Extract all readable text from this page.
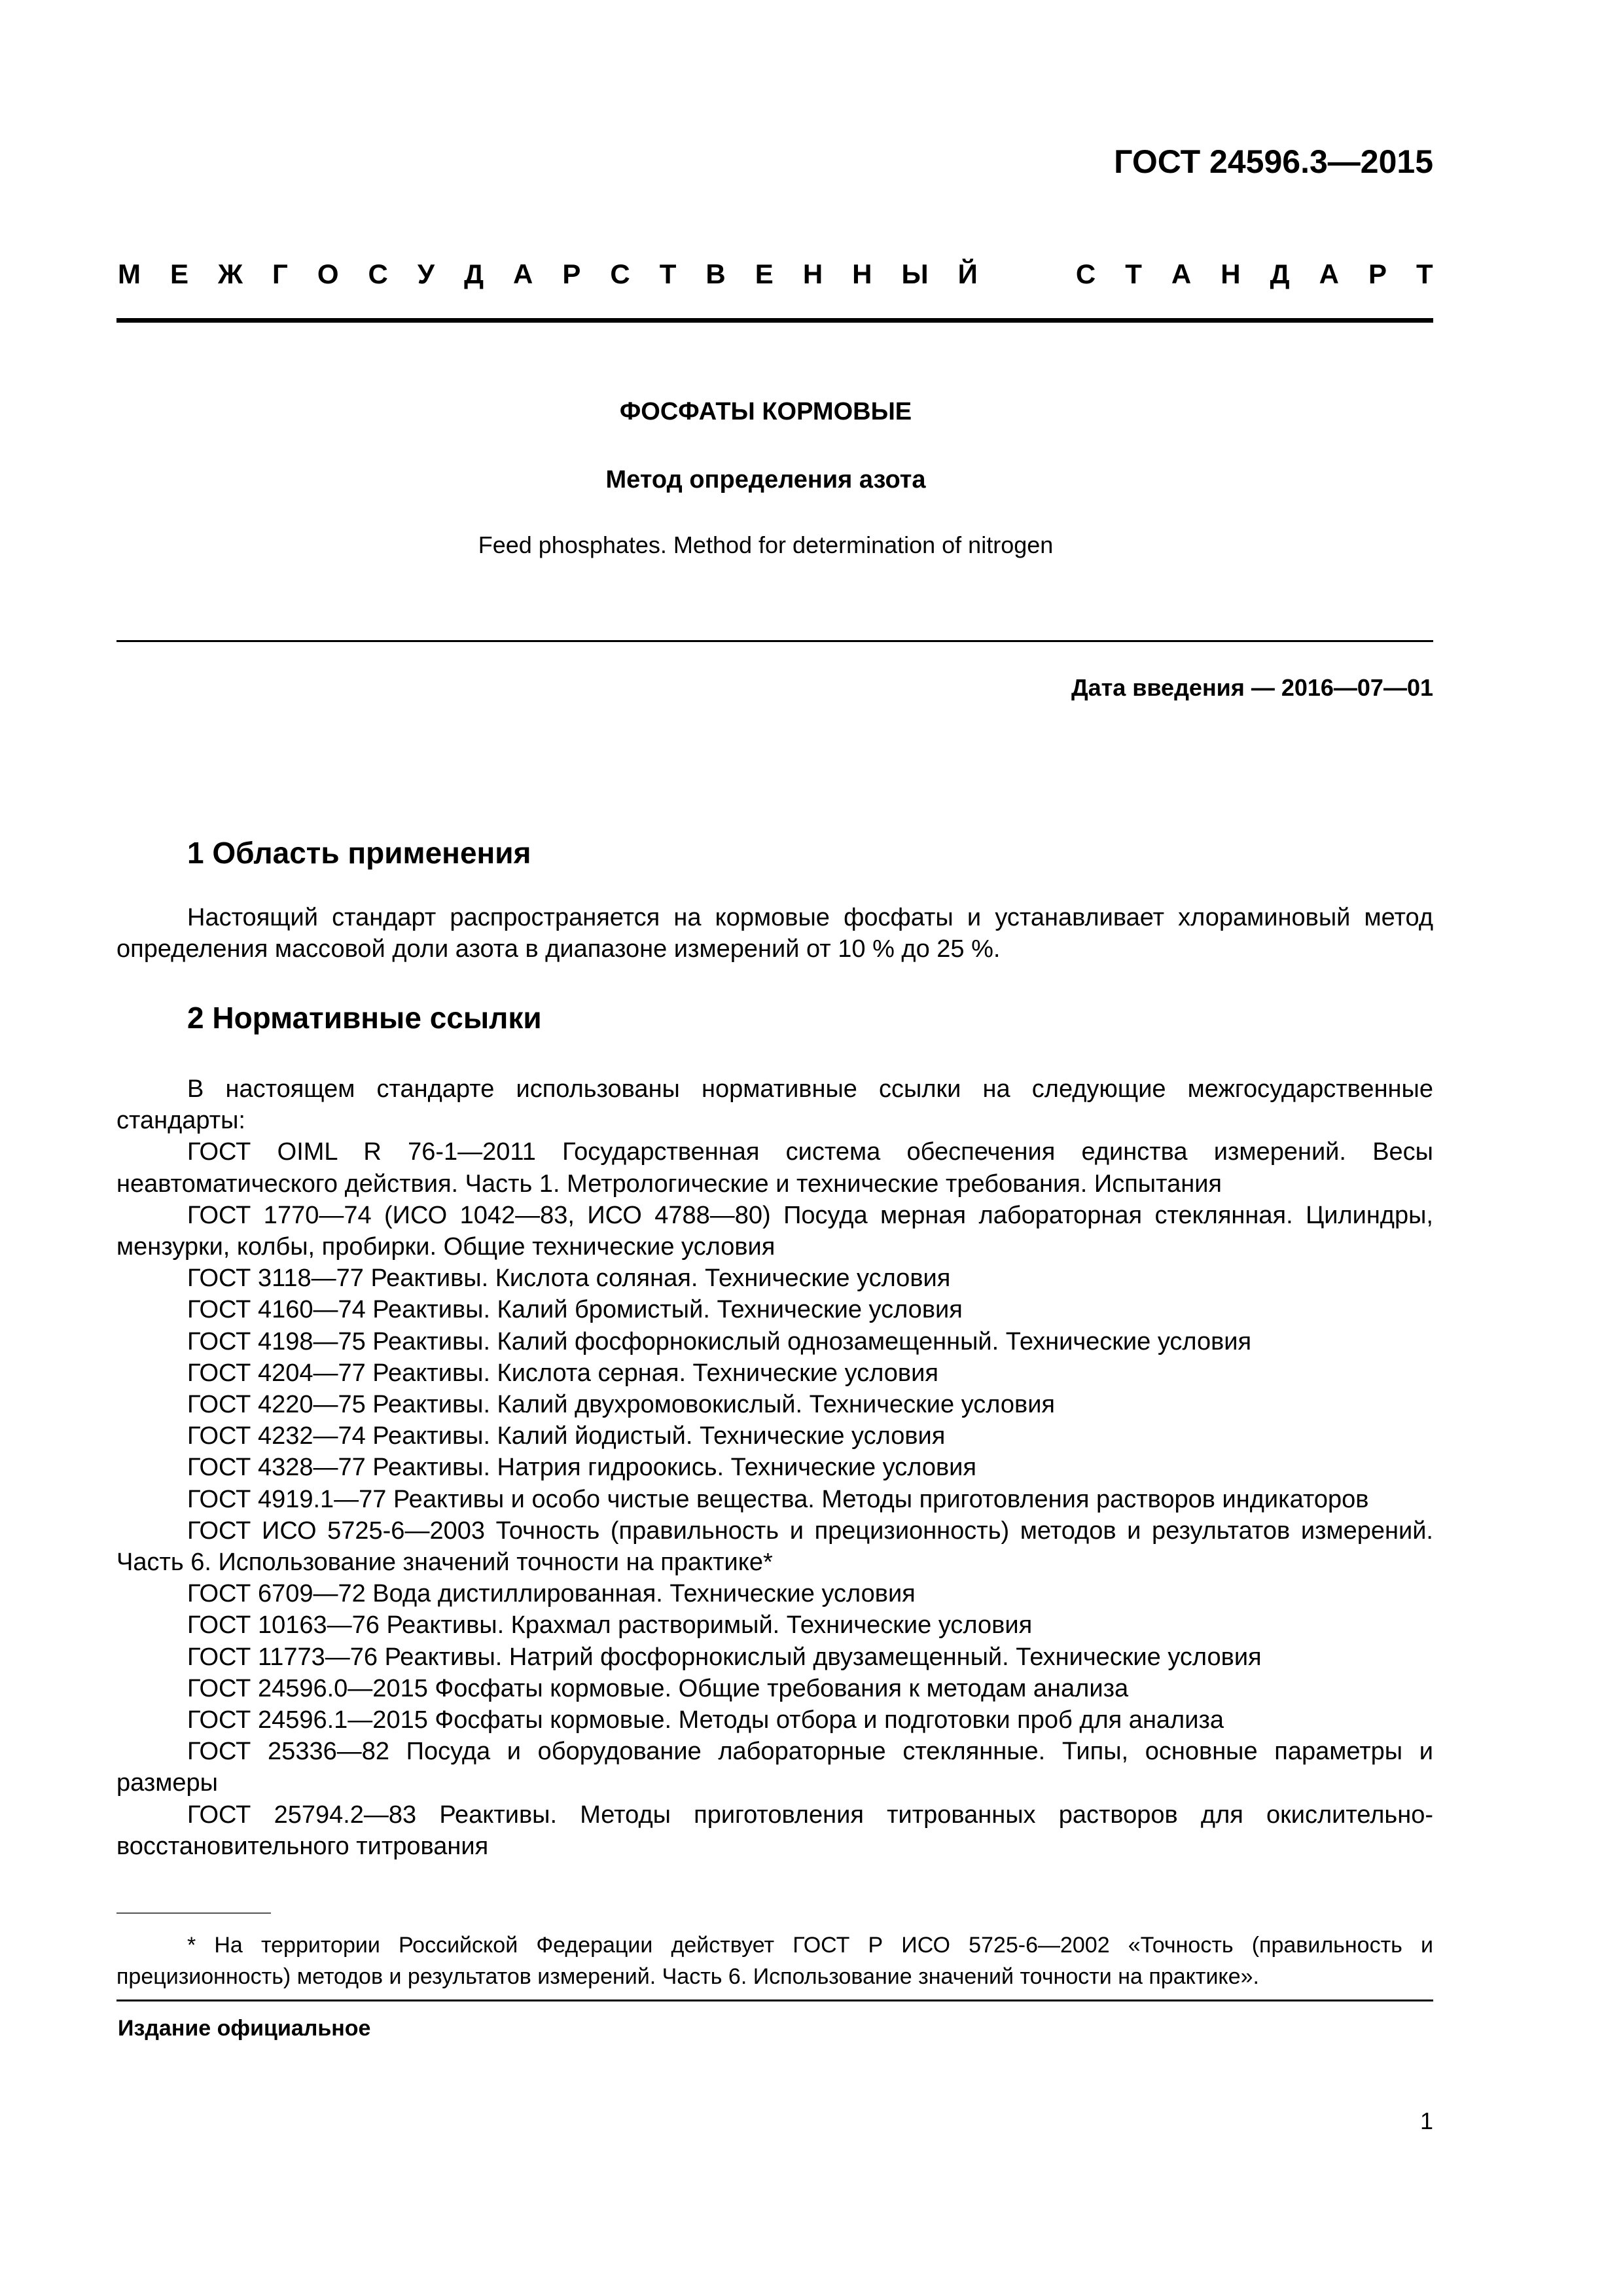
ГОСТ 24596.3—2015
М Е Ж Г О С У Д А Р С Т В Е Н Н Ы Й	С Т А Н Д А Р Т
ФОСФАТЫ КОРМОВЫЕ
Метод определения азота
Feed phosphates. Method for determination of nitrogen
Дата введения — 2016—07—01
1 Область применения

Настоящий стандарт распространяется на кормовые фосфаты и устанавливает хлораминовый метод определения массовой доли азота в диапазоне измерений от 10 % до 25 %.

2 Нормативные ссылки

В настоящем стандарте использованы нормативные ссылки на следующие межгосударственные стандарты:

ГОСТ OIML R 76-1—2011 Государственная система обеспечения единства измерений. Весы неавтоматического действия. Часть 1. Метрологические и технические требования. Испытания

ГОСТ 1770—74 (ИСО 1042—83, ИСО 4788—80) Посуда мерная лабораторная стеклянная. Цилиндры, мензурки, колбы, пробирки. Общие технические условия

ГОСТ 3118—77 Реактивы. Кислота соляная. Технические условия

ГОСТ 4160—74 Реактивы. Калий бромистый. Технические условия

ГОСТ 4198—75 Реактивы. Калий фосфорнокислый однозамещенный. Технические условия

ГОСТ 4204—77 Реактивы. Кислота серная. Технические условия

ГОСТ 4220—75 Реактивы. Калий двухромовокислый. Технические условия

ГОСТ 4232—74 Реактивы. Калий йодистый. Технические условия

ГОСТ 4328—77 Реактивы. Натрия гидроокись. Технические условия

ГОСТ 4919.1—77 Реактивы и особо чистые вещества. Методы приготовления растворов индикаторов

ГОСТ ИСО 5725-6—2003 Точность (правильность и прецизионность) методов и результатов измерений. Часть 6. Использование значений точности на практике*

ГОСТ 6709—72 Вода дистиллированная. Технические условия

ГОСТ 10163—76 Реактивы. Крахмал растворимый. Технические условия

ГОСТ 11773—76 Реактивы. Натрий фосфорнокислый двузамещенный. Технические условия

ГОСТ 24596.0—2015 Фосфаты кормовые. Общие требования к методам анализа

ГОСТ 24596.1—2015 Фосфаты кормовые. Методы отбора и подготовки проб для анализа

ГОСТ 25336—82 Посуда и оборудование лабораторные стеклянные. Типы, основные параметры и размеры

ГОСТ 25794.2—83 Реактивы. Методы приготовления титрованных растворов для окислительно-восстановительного титрования

* На территории Российской Федерации действует ГОСТ Р ИСО 5725-6—2002 «Точность (правильность и прецизионность) методов и результатов измерений. Часть 6. Использование значений точности на практике».

Издание официальное
1
